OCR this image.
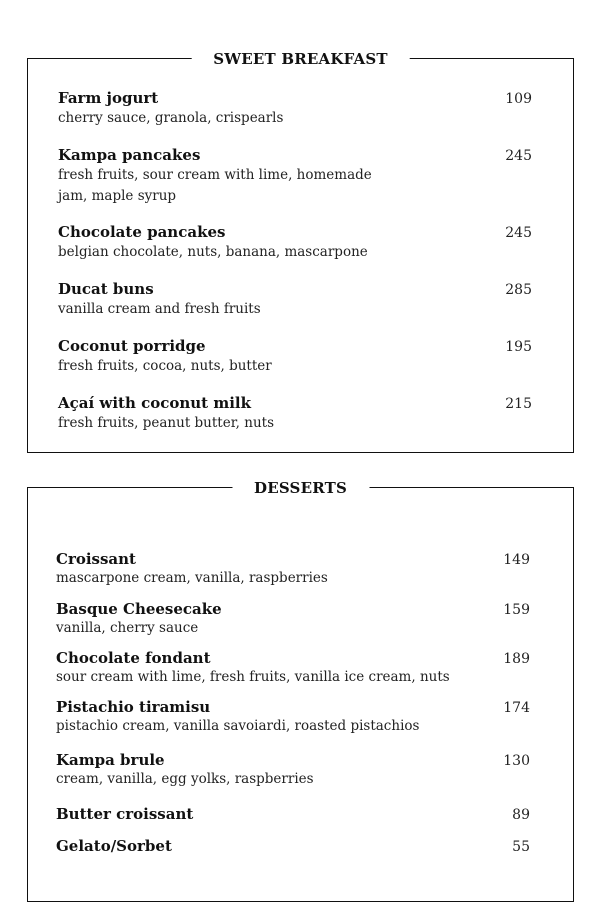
SWEET BREAKFAST
Farm jogurt
cherry sauce, granola, crispearls
109
Kampa pancakes
fresh fruits, sour cream with lime, homemade jam, maple syrup
245
Chocolate pancakes
belgian chocolate, nuts, banana, mascarpone
245
Ducat buns
vanilla cream and fresh fruits
285
Coconut porridge
fresh fruits, cocoa, nuts, butter
195
Açaí with coconut milk
fresh fruits, peanut butter, nuts
215
DESSERTS
Croissant
mascarpone cream, vanilla, raspberries
149
Basque Cheesecake
vanilla, cherry sauce
159
Chocolate fondant
sour cream with lime, fresh fruits, vanilla ice cream, nuts
189
Pistachio tiramisu
pistachio cream, vanilla savoiardi, roasted pistachios
174
Kampa brule
cream, vanilla, egg yolks, raspberries
130
Butter croissant	89
Gelato/Sorbet	55
